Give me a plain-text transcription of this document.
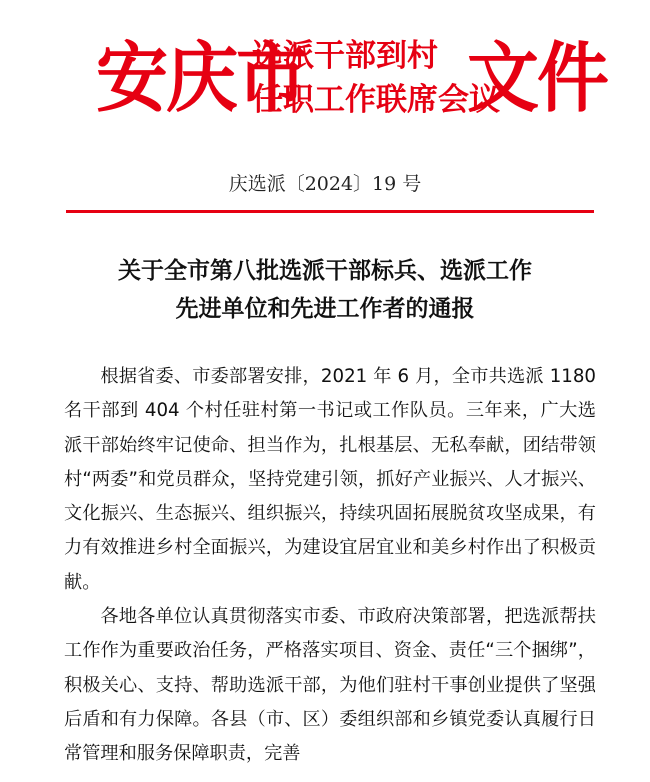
安庆市
选派干部到村
任职工作联席会议
文件
庆选派〔2024〕19 号
关于全市第八批选派干部标兵、选派工作
先进单位和先进工作者的通报

根据省委、市委部署安排，2021 年 6 月，全市共选派 1180 名干部到 404 个村任驻村第一书记或工作队员。三年来，广大选派干部始终牢记使命、担当作为，扎根基层、无私奉献，团结带领村“两委”和党员群众，坚持党建引领，抓好产业振兴、人才振兴、文化振兴、生态振兴、组织振兴，持续巩固拓展脱贫攻坚成果，有力有效推进乡村全面振兴，为建设宜居宜业和美乡村作出了积极贡献。

各地各单位认真贯彻落实市委、市政府决策部署，把选派帮扶工作作为重要政治任务，严格落实项目、资金、责任“三个捆绑”，积极关心、支持、帮助选派干部，为他们驻村干事创业提供了坚强后盾和有力保障。各县（市、区）委组织部和乡镇党委认真履行日常管理和服务保障职责，完善
